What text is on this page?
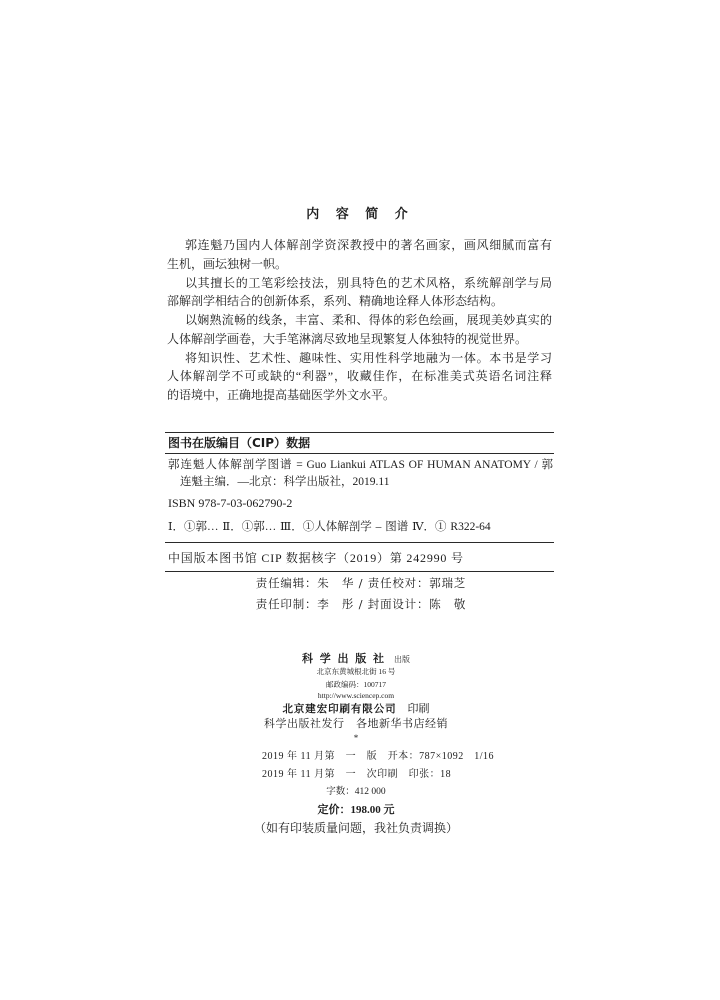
内 容 简 介
郭连魁乃国内人体解剖学资深教授中的著名画家，画风细腻而富有
生机，画坛独树一帜。
以其擅长的工笔彩绘技法，别具特色的艺术风格，系统解剖学与局
部解剖学相结合的创新体系，系列、精确地诠释人体形态结构。
以娴熟流畅的线条，丰富、柔和、得体的彩色绘画，展现美妙真实的
人体解剖学画卷，大手笔淋漓尽致地呈现繁复人体独特的视觉世界。
将知识性、艺术性、趣味性、实用性科学地融为一体。本书是学习
人体解剖学不可或缺的“利器”，收藏佳作，在标准美式英语名词注释
的语境中，正确地提高基础医学外文水平。
图书在版编目（CIP）数据
郭连魁人体解剖学图谱 = Guo Liankui ATLAS OF HUMAN ANATOMY / 郭
连魁主编．—北京：科学出版社，2019.11
ISBN 978-7-03-062790-2
Ⅰ．①郭… Ⅱ．①郭… Ⅲ．①人体解剖学 – 图谱 Ⅳ．① R322-64
中国版本图书馆 CIP 数据核字（2019）第 242990 号
责任编辑：朱　华 / 责任校对：郭瑞芝
责任印制：李　彤 / 封面设计：陈　敬
科 学 出 版 社 出版
北京东黄城根北街 16 号
邮政编码：100717
http://www.sciencep.com
北京建宏印刷有限公司 印刷
科学出版社发行　各地新华书店经销
*
2019 年 11 月第　一　版　开本：787×1092　1/16
2019 年 11 月第　一　次印刷　印张：18
字数：412 000
定价：198.00 元
（如有印装质量问题，我社负责调换）
